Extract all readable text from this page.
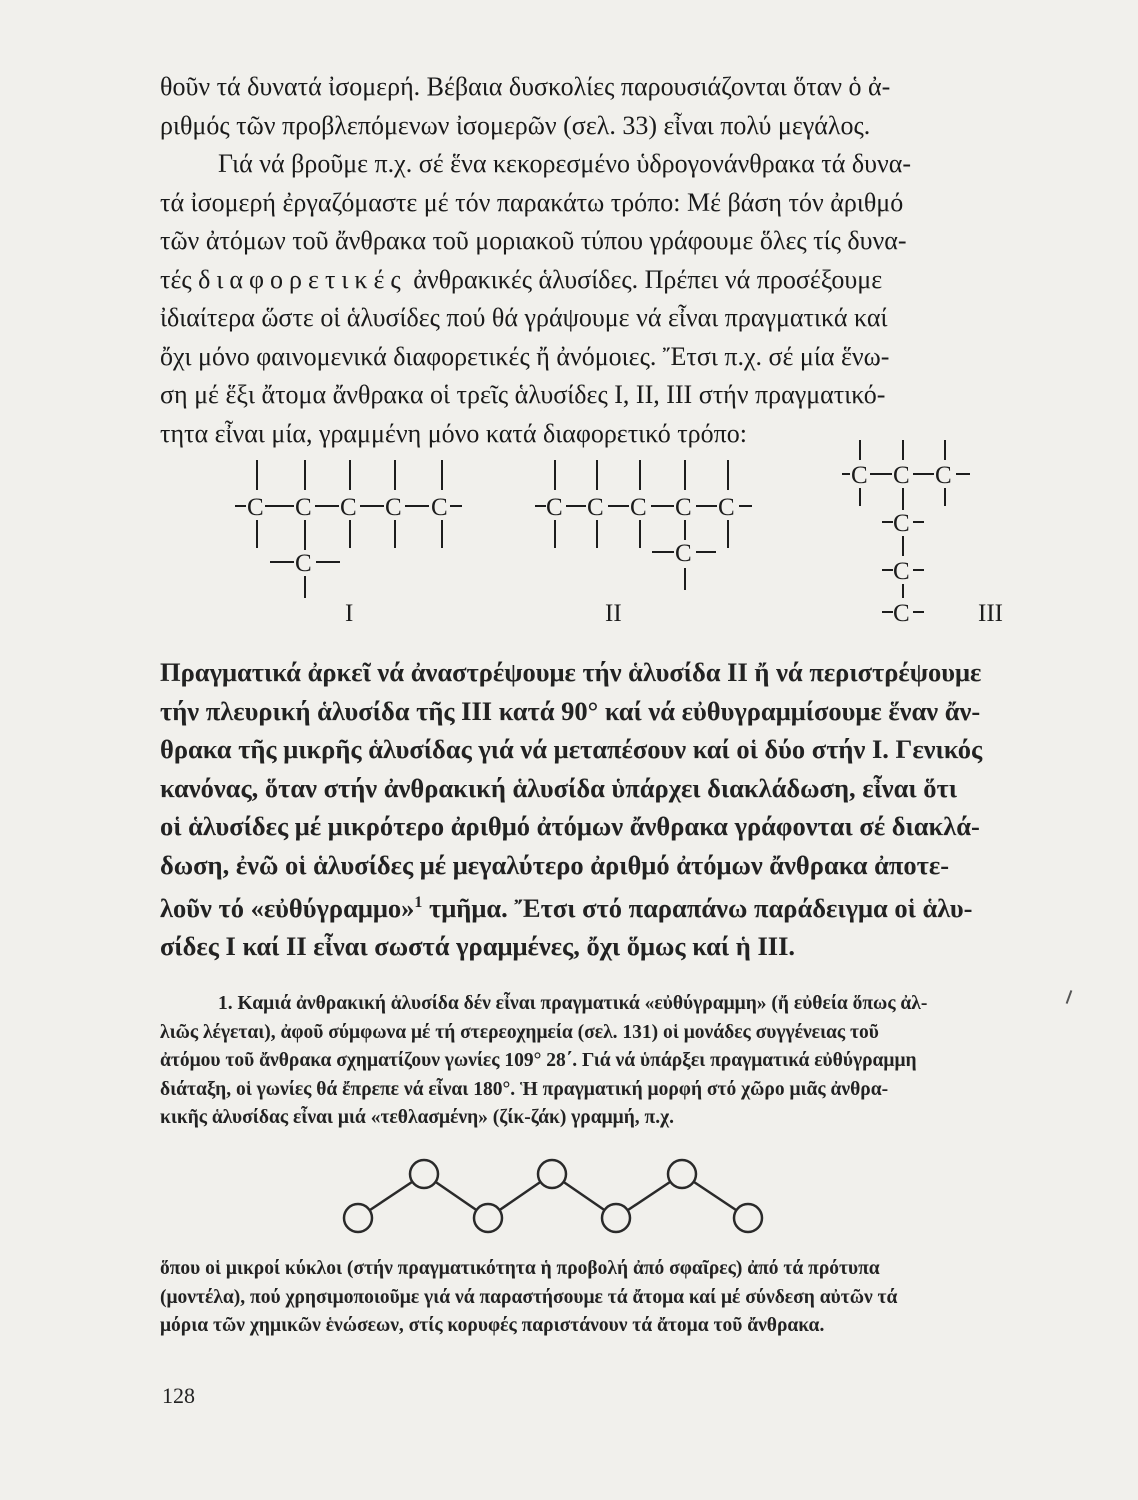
θοῦν τά δυνατά ἰσομερή. Βέβαια δυσκολίες παρουσιάζονται ὅταν ὁ ἀ-

ριθμός τῶν προβλεπόμενων ἰσομερῶν (σελ. 33) εἶναι πολύ μεγάλος.

Γιά νά βροῦμε π.χ. σέ ἕνα κεκορεσμένο ὑδρογονάνθρακα τά δυνα-

τά ἰσομερή ἐργαζόμαστε μέ τόν παρακάτω τρόπο: Μέ βάση τόν ἀριθμό

τῶν ἀτόμων τοῦ ἄνθρακα τοῦ μοριακοῦ τύπου γράφουμε ὅλες τίς δυνα-

τές διαφορετικές ἀνθρακικές ἁλυσίδες. Πρέπει νά προσέξουμε

ἰδιαίτερα ὥστε οἱ ἁλυσίδες πού θά γράψουμε νά εἶναι πραγματικά καί

ὄχι μόνο φαινομενικά διαφορετικές ἤ ἀνόμοιες. Ἔτσι π.χ. σέ μία ἕνω-

ση μέ ἕξι ἄτομα ἄνθρακα οἱ τρεῖς ἁλυσίδες I, II, III στήν πραγματικό-

τητα εἶναι μία, γραμμένη μόνο κατά διαφορετικό τρόπο:

C C C C C
C
C C C C C
C
C C C
C
C
C
I	II	III

Πραγματικά ἀρκεῖ νά ἀναστρέψουμε τήν ἁλυσίδα II ἤ νά περιστρέψουμε

τήν πλευρική ἁλυσίδα τῆς III κατά 90° καί νά εὐθυγραμμίσουμε ἕναν ἄν-

θρακα τῆς μικρῆς ἁλυσίδας γιά νά μεταπέσουν καί οἱ δύο στήν I. Γενικός

κανόνας, ὅταν στήν ἀνθρακική ἁλυσίδα ὑπάρχει διακλάδωση, εἶναι ὅτι

οἱ ἁλυσίδες μέ μικρότερο ἀριθμό ἀτόμων ἄνθρακα γράφονται σέ διακλά-

δωση, ἐνῶ οἱ ἁλυσίδες μέ μεγαλύτερο ἀριθμό ἀτόμων ἄνθρακα ἀποτε-

λοῦν τό «εὐθύγραμμο»$^1$ τμῆμα. Ἔτσι στό παραπάνω παράδειγμα οἱ ἁλυ-

σίδες I καί II εἶναι σωστά γραμμένες, ὄχι ὅμως καί ἡ III.

1. Καμιά ἀνθρακική ἁλυσίδα δέν εἶναι πραγματικά «εὐθύγραμμη» (ἤ εὐθεία ὅπως ἀλ-

λιῶς λέγεται), ἀφοῦ σύμφωνα μέ τή στερεοχημεία (σελ. 131) οἱ μονάδες συγγένειας τοῦ

ἀτόμου τοῦ ἄνθρακα σχηματίζουν γωνίες 109° 28΄. Γιά νά ὑπάρξει πραγματικά εὐθύγραμμη

διάταξη, οἱ γωνίες θά ἔπρεπε νά εἶναι 180°. Ἡ πραγματική μορφή στό χῶρο μιᾶς ἀνθρα-

κικῆς ἁλυσίδας εἶναι μιά «τεθλασμένη» (ζίκ-ζάκ) γραμμή, π.χ.

ὅπου οἱ μικροί κύκλοι (στήν πραγματικότητα ἡ προβολή ἀπό σφαῖρες) ἀπό τά πρότυπα

(μοντέλα), πού χρησιμοποιοῦμε γιά νά παραστήσουμε τά ἄτομα καί μέ σύνδεση αὐτῶν τά

μόρια τῶν χημικῶν ἑνώσεων, στίς κορυφές παριστάνουν τά ἄτομα τοῦ ἄνθρακα.

128
